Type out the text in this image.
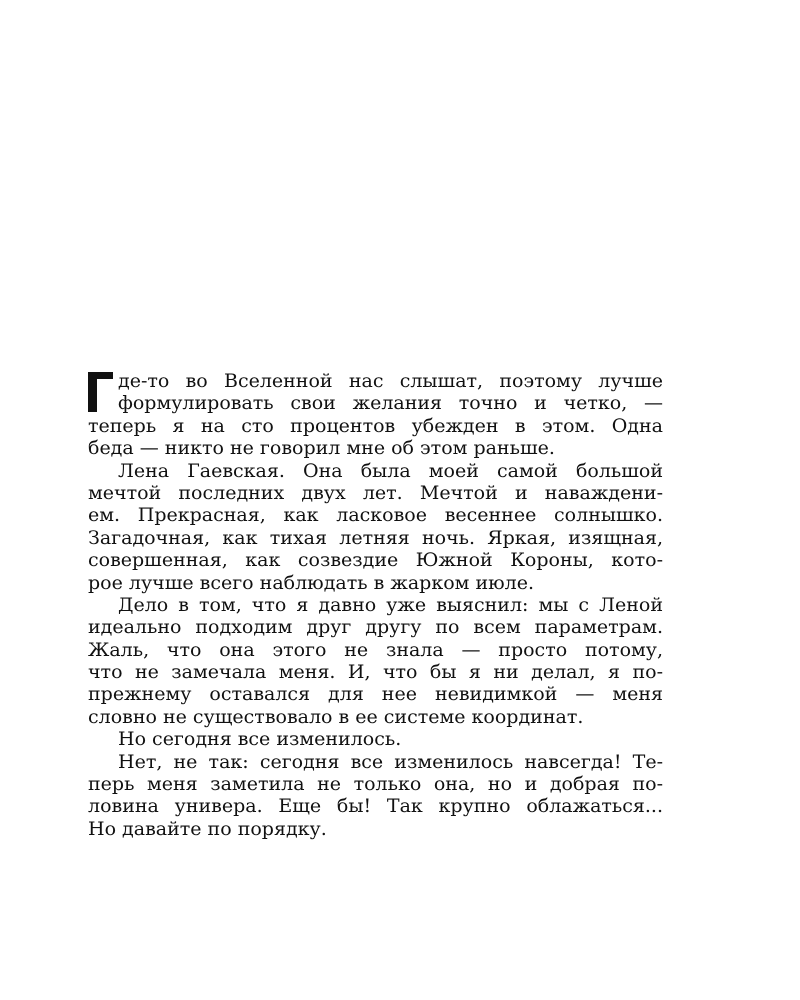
де-то во Вселенной нас слышат, поэтому лучше
формулировать свои желания точно и четко, —
теперь я на сто процентов убежден в этом. Одна
беда — никто не говорил мне об этом раньше.
Лена Гаевская. Она была моей самой большой
мечтой последних двух лет. Мечтой и наваждени-
ем. Прекрасная, как ласковое весеннее солнышко.
Загадочная, как тихая летняя ночь. Яркая, изящная,
совершенная, как созвездие Южной Короны, кото-
рое лучше всего наблюдать в жарком июле.
Дело в том, что я давно уже выяснил: мы с Леной
идеально подходим друг другу по всем параметрам.
Жаль, что она этого не знала — просто потому,
что не замечала меня. И, что бы я ни делал, я по-
прежнему оставался для нее невидимкой — меня
словно не существовало в ее системе координат.
Но сегодня все изменилось.
Нет, не так: сегодня все изменилось навсегда! Те-
перь меня заметила не только она, но и добрая по-
ловина универа. Еще бы! Так крупно облажаться...
Но давайте по порядку.
